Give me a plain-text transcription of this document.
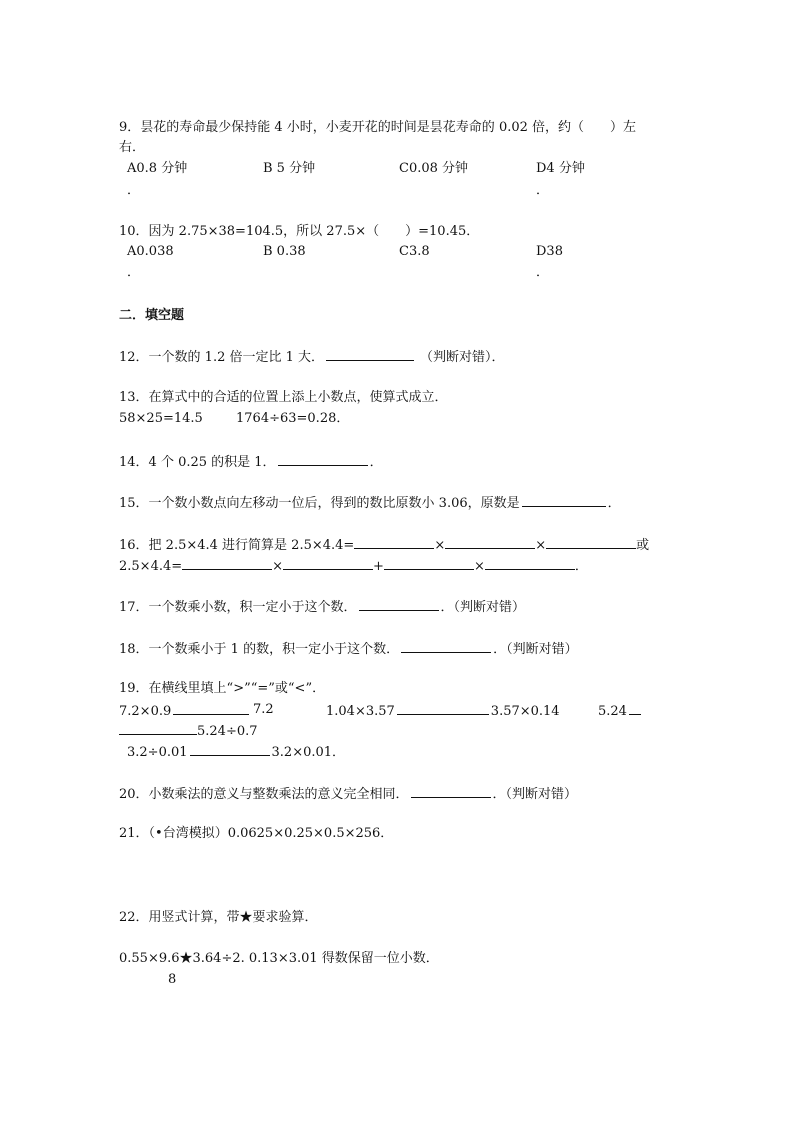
9．昙花的寿命最少保持能 4 小时，小麦开花的时间是昙花寿命的 0.02 倍，约（　　）左
右．
A0.8 分钟	B 5 分钟	C0.08 分钟	D4 分钟
．	．
10．因为 2.75×38=104.5，所以 27.5×（　　）=10.45．
A0.038	B 0.38	C3.8	D38
．	．
二．填空题
12．一个数的 1.2 倍一定比 1 大．	（判断对错）．
13．在算式中的合适的位置上添上小数点，使算式成立．
58×25=14.5	1764÷63=0.28．
14．4 个 0.25 的积是 1．	．
15．一个数小数点向左移动一位后，得到的数比原数小 3.06，原数是	．
16．把 2.5×4.4 进行简算是 2.5×4.4=	×	×	或
2.5×4.4=	×	+	×	．
17．一个数乘小数，积一定小于这个数．	．（判断对错）
18．一个数乘小于 1 的数，积一定小于这个数．	．（判断对错）
19．在横线里填上“>”“=”或“<”．
7.2×0.9	7.2	1.04×3.57	3.57×0.14	5.24
5.24÷0.7
3.2÷0.01	3.2×0.01．
20．小数乘法的意义与整数乘法的意义完全相同．	．（判断对错）
21．（•台湾模拟）0.0625×0.25×0.5×256．
22．用竖式计算，带★要求验算．
0.55×9.6★3.64÷2. 0.13×3.01 得数保留一位小数．
8
